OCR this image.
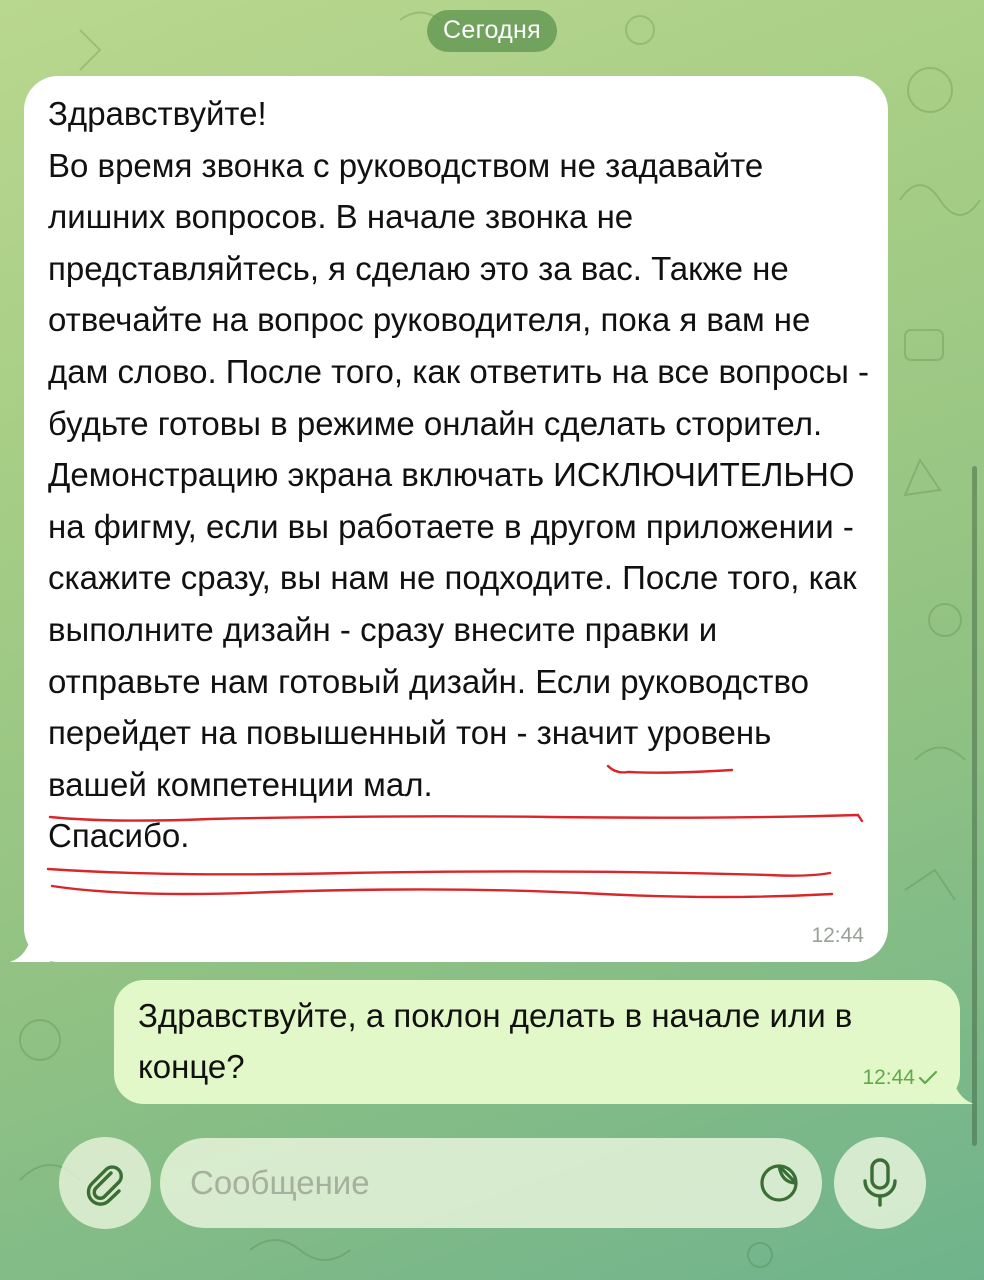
Сегодня
Здравствуйте!
Во время звонка с руководством не задавайте лишних вопросов. В начале звонка не представляйтесь, я сделаю это за вас. Также не отвечайте на вопрос руководителя, пока я вам не дам слово. После того, как ответить на все вопросы - будьте готовы в режиме онлайн сделать сторител. Демонстрацию экрана включать ИСКЛЮЧИТЕЛЬНО на фигму, если вы работаете в другом приложении - скажите сразу, вы нам не подходите. После того, как выполните дизайн - сразу внесите правки и отправьте нам готовый дизайн. Если руководство перейдет на повышенный тон - значит уровень вашей компетенции мал.
Спасибо.
12:44
Здравствуйте, а поклон делать в начале или в конце?	12:44
Сообщение
